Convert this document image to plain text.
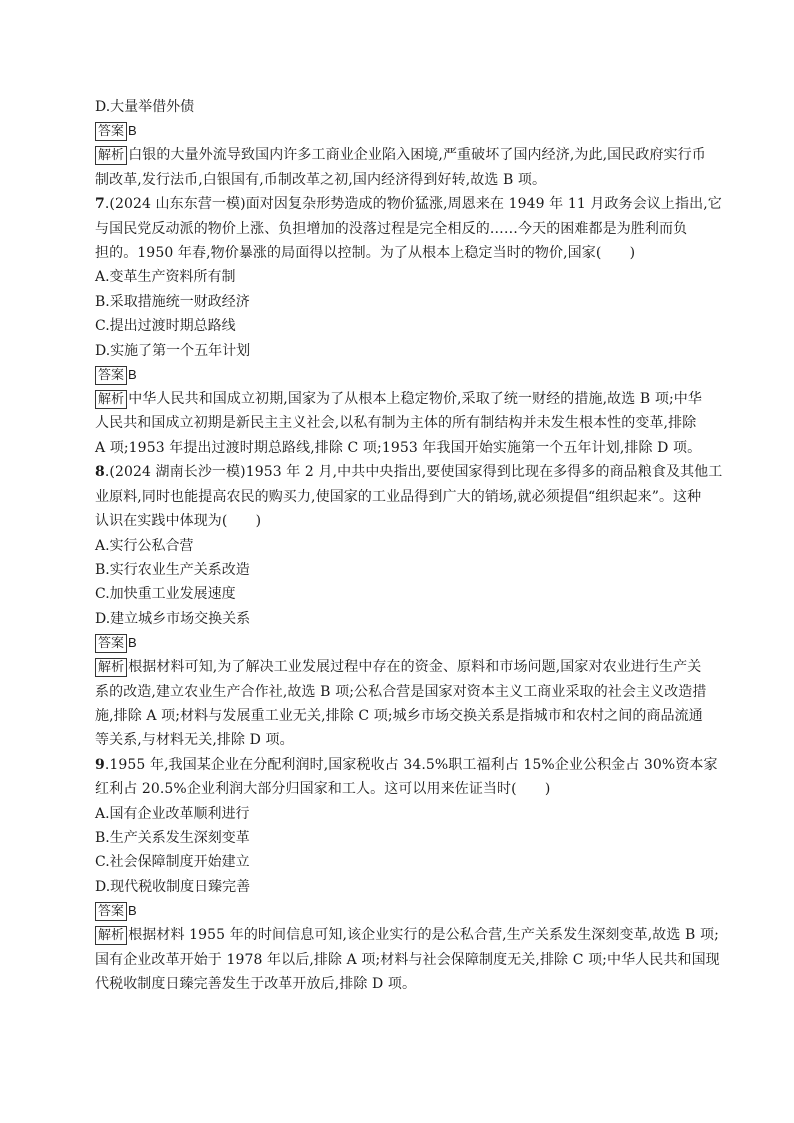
D.大量举借外债
答案 B
解析 白银的大量外流导致国内许多工商业企业陷入困境,严重破坏了国内经济,为此,国民政府实行币
制改革,发行法币,白银国有,币制改革之初,国内经济得到好转,故选 B 项。
7.(2024 山东东营一模)面对因复杂形势造成的物价猛涨,周恩来在 1949 年 11 月政务会议上指出,它
与国民党反动派的物价上涨、负担增加的没落过程是完全相反的……今天的困难都是为胜利而负
担的。1950 年春,物价暴涨的局面得以控制。为了从根本上稳定当时的物价,国家(　　)
A.变革生产资料所有制
B.采取措施统一财政经济
C.提出过渡时期总路线
D.实施了第一个五年计划
答案 B
解析 中华人民共和国成立初期,国家为了从根本上稳定物价,采取了统一财经的措施,故选 B 项;中华
人民共和国成立初期是新民主主义社会,以私有制为主体的所有制结构并未发生根本性的变革,排除
A 项;1953 年提出过渡时期总路线,排除 C 项;1953 年我国开始实施第一个五年计划,排除 D 项。
8.(2024 湖南长沙一模)1953 年 2 月,中共中央指出,要使国家得到比现在多得多的商品粮食及其他工
业原料,同时也能提高农民的购买力,使国家的工业品得到广大的销场,就必须提倡“组织起来”。这种
认识在实践中体现为(　　)
A.实行公私合营
B.实行农业生产关系改造
C.加快重工业发展速度
D.建立城乡市场交换关系
答案 B
解析 根据材料可知,为了解决工业发展过程中存在的资金、原料和市场问题,国家对农业进行生产关
系的改造,建立农业生产合作社,故选 B 项;公私合营是国家对资本主义工商业采取的社会主义改造措
施,排除 A 项;材料与发展重工业无关,排除 C 项;城乡市场交换关系是指城市和农村之间的商品流通
等关系,与材料无关,排除 D 项。
9.1955 年,我国某企业在分配利润时,国家税收占 34.5%职工福利占 15%企业公积金占 30%资本家
红利占 20.5%企业利润大部分归国家和工人。这可以用来佐证当时(　　)
A.国有企业改革顺利进行
B.生产关系发生深刻变革
C.社会保障制度开始建立
D.现代税收制度日臻完善
答案 B
解析 根据材料 1955 年的时间信息可知,该企业实行的是公私合营,生产关系发生深刻变革,故选 B 项;
国有企业改革开始于 1978 年以后,排除 A 项;材料与社会保障制度无关,排除 C 项;中华人民共和国现
代税收制度日臻完善发生于改革开放后,排除 D 项。
